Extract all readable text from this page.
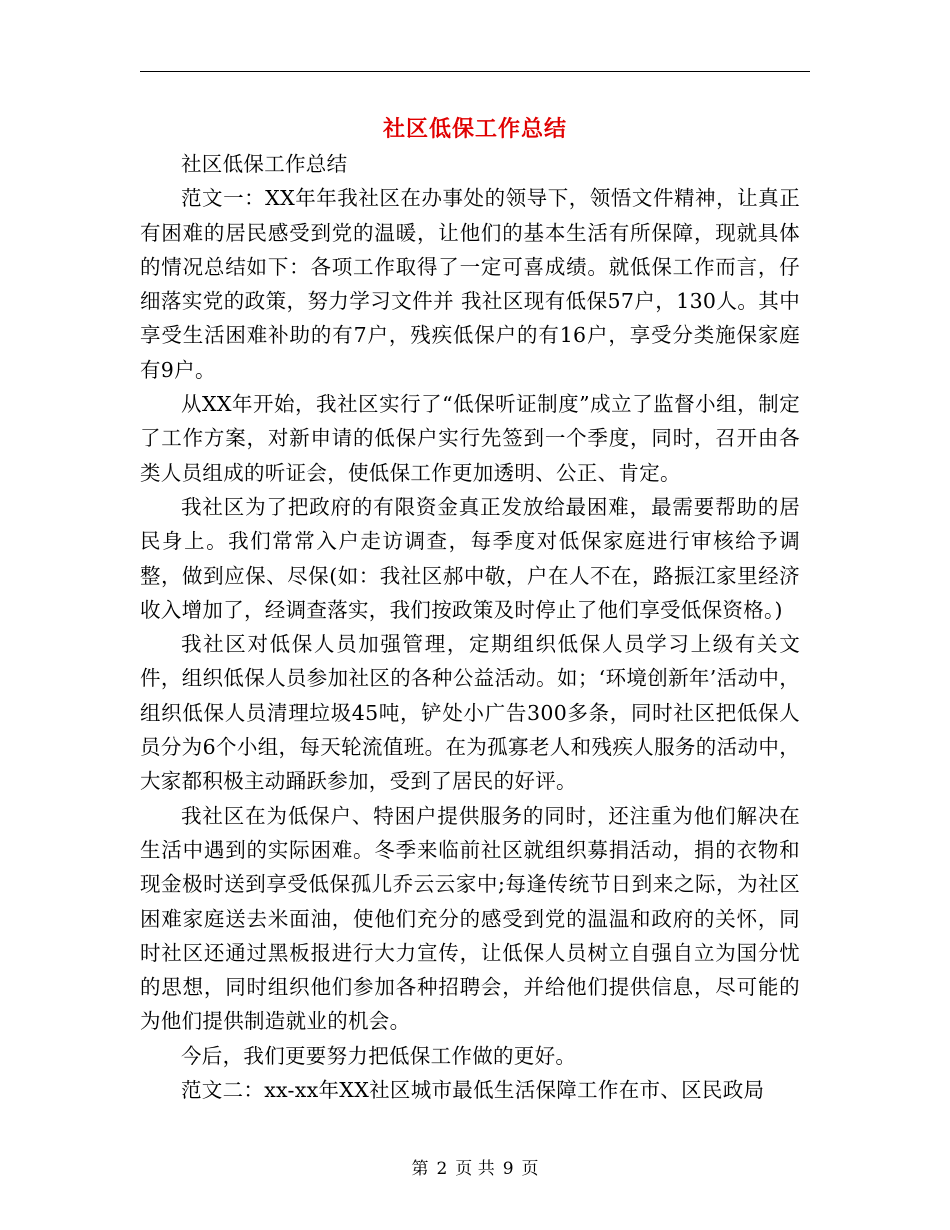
社区低保工作总结

社区低保工作总结

范文一：XX年年我社区在办事处的领导下，领悟文件精神，让真正有困难的居民感受到党的温暖，让他们的基本生活有所保障，现就具体的情况总结如下：各项工作取得了一定可喜成绩。就低保工作而言，仔细落实党的政策，努力学习文件并 我社区现有低保57户，130人。其中享受生活困难补助的有7户，残疾低保户的有16户，享受分类施保家庭有9户。

从XX年开始，我社区实行了“低保听证制度”成立了监督小组，制定了工作方案，对新申请的低保户实行先签到一个季度，同时，召开由各类人员组成的听证会，使低保工作更加透明、公正、肯定。

我社区为了把政府的有限资金真正发放给最困难，最需要帮助的居民身上。我们常常入户走访调查，每季度对低保家庭进行审核给予调整，做到应保、尽保(如：我社区郝中敬，户在人不在，路振江家里经济收入增加了，经调查落实，我们按政策及时停止了他们享受低保资格。)

我社区对低保人员加强管理，定期组织低保人员学习上级有关文件，组织低保人员参加社区的各种公益活动。如；‘环境创新年’活动中，组织低保人员清理垃圾45吨，铲处小广告300多条，同时社区把低保人员分为6个小组，每天轮流值班。在为孤寡老人和残疾人服务的活动中，大家都积极主动踊跃参加，受到了居民的好评。

我社区在为低保户、特困户提供服务的同时，还注重为他们解决在生活中遇到的实际困难。冬季来临前社区就组织募捐活动，捐的衣物和现金极时送到享受低保孤儿乔云云家中;每逢传统节日到来之际，为社区困难家庭送去米面油，使他们充分的感受到党的温温和政府的关怀，同时社区还通过黑板报进行大力宣传，让低保人员树立自强自立为国分忧的思想，同时组织他们参加各种招聘会，并给他们提供信息，尽可能的为他们提供制造就业的机会。

今后，我们更要努力把低保工作做的更好。

范文二：xx-xx年XX社区城市最低生活保障工作在市、区民政局

第 2 页 共 9 页
